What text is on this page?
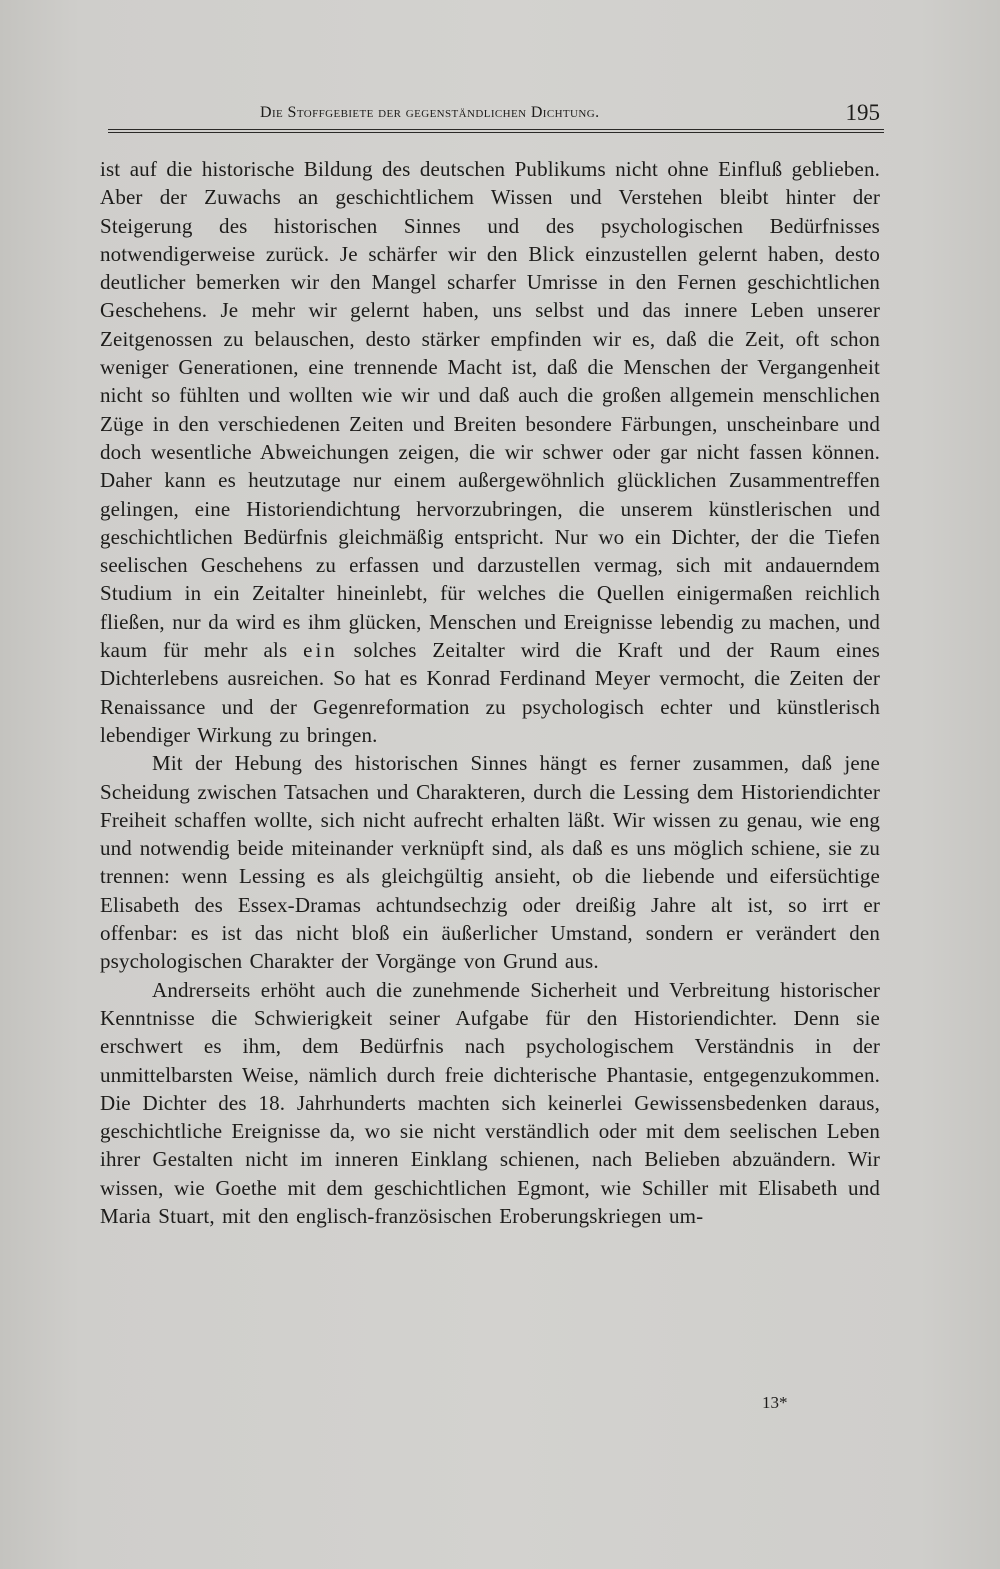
Die Stoffgebiete der gegenständlichen Dichtung.	195

ist auf die historische Bildung des deutschen Publikums nicht ohne Einfluß geblieben. Aber der Zuwachs an geschichtlichem Wissen und Verstehen bleibt hinter der Steigerung des historischen Sinnes und des psychologischen Bedürfnisses notwendigerweise zurück. Je schärfer wir den Blick einzustellen gelernt haben, desto deutlicher bemerken wir den Mangel scharfer Umrisse in den Fernen geschichtlichen Geschehens. Je mehr wir gelernt haben, uns selbst und das innere Leben unserer Zeitgenossen zu belauschen, desto stärker empfinden wir es, daß die Zeit, oft schon weniger Generationen, eine trennende Macht ist, daß die Menschen der Vergangenheit nicht so fühlten und wollten wie wir und daß auch die großen allgemein menschlichen Züge in den verschiedenen Zeiten und Breiten besondere Färbungen, unscheinbare und doch wesentliche Abweichungen zeigen, die wir schwer oder gar nicht fassen können. Daher kann es heutzutage nur einem außergewöhnlich glücklichen Zusammentreffen gelingen, eine Historiendichtung hervorzubringen, die unserem künstlerischen und geschichtlichen Bedürfnis gleichmäßig entspricht. Nur wo ein Dichter, der die Tiefen seelischen Geschehens zu erfassen und darzustellen vermag, sich mit andauerndem Studium in ein Zeitalter hineinlebt, für welches die Quellen einigermaßen reichlich fließen, nur da wird es ihm glücken, Menschen und Ereignisse lebendig zu machen, und kaum für mehr als ein solches Zeitalter wird die Kraft und der Raum eines Dichterlebens ausreichen. So hat es Konrad Ferdinand Meyer vermocht, die Zeiten der Renaissance und der Gegenreformation zu psychologisch echter und künstlerisch lebendiger Wirkung zu bringen.

Mit der Hebung des historischen Sinnes hängt es ferner zusammen, daß jene Scheidung zwischen Tatsachen und Charakteren, durch die Lessing dem Historiendichter Freiheit schaffen wollte, sich nicht aufrecht erhalten läßt. Wir wissen zu genau, wie eng und notwendig beide miteinander verknüpft sind, als daß es uns möglich schiene, sie zu trennen: wenn Lessing es als gleichgültig ansieht, ob die liebende und eifersüchtige Elisabeth des Essex-Dramas achtundsechzig oder dreißig Jahre alt ist, so irrt er offenbar: es ist das nicht bloß ein äußerlicher Umstand, sondern er verändert den psychologischen Charakter der Vorgänge von Grund aus.

Andrerseits erhöht auch die zunehmende Sicherheit und Verbreitung historischer Kenntnisse die Schwierigkeit seiner Aufgabe für den Historiendichter. Denn sie erschwert es ihm, dem Bedürfnis nach psychologischem Verständnis in der unmittelbarsten Weise, nämlich durch freie dichterische Phantasie, entgegenzukommen. Die Dichter des 18. Jahrhunderts machten sich keinerlei Gewissensbedenken daraus, geschichtliche Ereignisse da, wo sie nicht verständlich oder mit dem seelischen Leben ihrer Gestalten nicht im inneren Einklang schienen, nach Belieben abzuändern. Wir wissen, wie Goethe mit dem geschichtlichen Egmont, wie Schiller mit Elisabeth und Maria Stuart, mit den englisch-französischen Eroberungskriegen um-

13*
